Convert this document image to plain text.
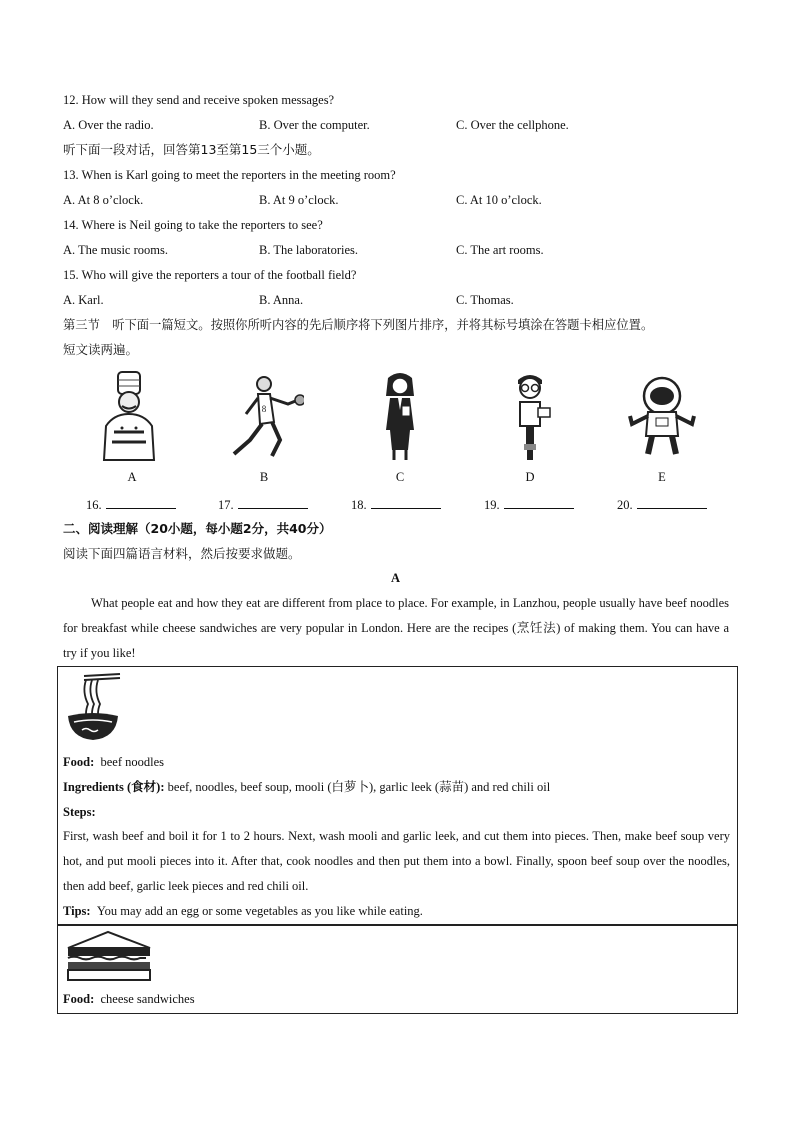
12. How will they send and receive spoken messages?
A. Over the radio.	B. Over the computer.	C. Over the cellphone.
听下面一段对话，回答第13至第15三个小题。
13. When is Karl going to meet the reporters in the meeting room?
A. At 8 o’clock.	B. At 9 o’clock.	C. At 10 o’clock.
14. Where is Neil going to take the reporters to see?
A. The music rooms.	B. The laboratories.	C. The art rooms.
15. Who will give the reporters a tour of the football field?
A. Karl.	B. Anna.	C. Thomas.
第三节　听下面一篇短文。按照你所听内容的先后顺序将下列图片排序，并将其标号填涂在答题卡相应位置。
短文读两遍。
8
A	B	C	D	E
16.	17.	18.	19.	20.
二、阅读理解（20小题，每小题2分，共40分）
阅读下面四篇语言材料，然后按要求做题。
A
What people eat and how they eat are different from place to place. For example, in Lanzhou, people usually have beef noodles for breakfast while cheese sandwiches are very popular in London. Here are the recipes (烹饪法) of making them. You can have a try if you like!
Food: beef noodles
Ingredients (食材): beef, noodles, beef soup, mooli (白萝卜), garlic leek (蒜苗) and red chili oil
Steps:
First, wash beef and boil it for 1 to 2 hours. Next, wash mooli and garlic leek, and cut them into pieces. Then, make beef soup very hot, and put mooli pieces into it. After that, cook noodles and then put them into a bowl. Finally, spoon beef soup over the noodles, then add beef, garlic leek pieces and red chili oil.
Tips: You may add an egg or some vegetables as you like while eating.
Food: cheese sandwiches
